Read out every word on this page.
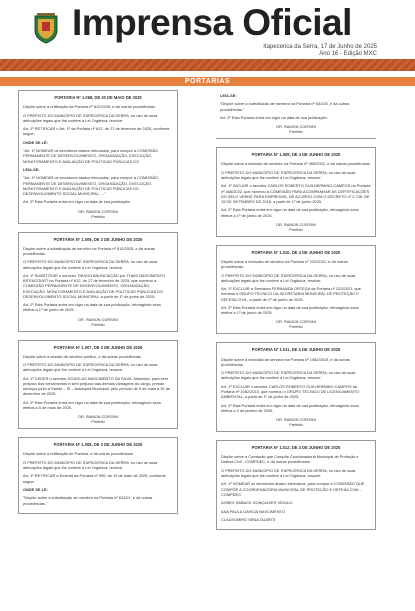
Imprensa Oficial
Itapecerica da Serra, 17 de Junho de 2025
Ano 16 - Edição MXC
PORTARIAS
PORTARIA Nº 1.068, DE 30 DE MAIO DE 2025
Dispõe sobre a retificação da Portaria nº 612/2025, e dá outras providências.
O PREFEITO DO MUNICÍPIO DE ITAPECERICA DA SERRA, no uso de suas atribuições legais que lhe confere a Lei Orgânica, resolve:
Art. 1º RETIFICAR o Art. 1º da Portaria nº 612, de 27 de fevereiro de 2025, conforme segue:
ONDE SE LÊ:
"Art. 1º NOMEAR os servidores abaixo elencados, para compor a COMISSÃO PERMANENTE DE DESENVOLVIMENTO, ORGANIZAÇÃO, EXECUÇÃO, MONITORAMENTO E AVALIAÇÃO DE POLÍTICAS PÚBLICAS DO
LEIA-SE:
"Art. 1º NOMEAR os servidores abaixo elencados, para compor a COMISSÃO PERMANENTE DE DESENVOLVIMENTO, ORGANIZAÇÃO, EXECUÇÃO, MONITORAMENTO E AVALIAÇÃO DE POLÍTICAS PÚBLICAS DO DESENVOLVIMENTO SOCIAL MUNICIPAL, ..."
Art. 2º Esta Portaria entra em vigor na data de sua publicação.
DR. RAMON CORSINI
Prefeito
PORTARIA Nº 1.006, DE 3 DE JUNHO DE 2025
Dispõe sobre a substituição de servidor na Portaria nº 612/2025, e dá outras providências.
O PREFEITO DO MUNICÍPIO DE ITAPECERICA DA SERRA, no uso de suas atribuições legais que lhe confere a Lei Orgânica, resolve:
Art. 1º SUBSTITUIR o servidor THIAGO ANUNCIAÇÃO por THAIS NASCIMENTO BITENCOURT na Portaria nº 612, de 27 de fevereiro de 2025, que nomeou a COMISSÃO PERMANENTE DE DESENVOLVIMENTO, ORGANIZAÇÃO, EXECUÇÃO, MONITORAMENTO E AVALIAÇÃO DE POLÍTICAS PÚBLICAS DO DESENVOLVIMENTO SOCIAL MUNICIPAL, a partir de 1º de junho de 2025.
Art. 2º Esta Portaria entra em vigor na data de sua publicação, retroagindo seus efeitos a 1º de junho de 2025.
DR. RAMON CORSINI
Prefeito
PORTARIA Nº 1.007, DE 3 DE JUNHO DE 2025
Dispõe sobre a cessão de servidor público, e dá outras providências.
O PREFEITO DO MUNICÍPIO DE ITAPECERICA DA SERRA, no uso de suas atribuições legais que lhe confere a Lei Orgânica, resolve:
Art. 1º CEDER o servidor DOUGLAS NASCIMENTO DA SILVA, Motorista, para sem prejuízo dos vencimentos e sem prejuízo das demais vantagens do cargo, prestar serviços junto à Saúde – IS – Autarquia Municipal, pelo período de 5 de maio a 31 de dezembro de 2025.
Art. 2º Esta Portaria entra em vigor na data de sua publicação, retroagindo seus efeitos a 5 de maio de 2025.
DR. RAMON CORSINI
Prefeito
PORTARIA Nº 1.008, DE 3 DE JUNHO DE 2025
Dispõe sobre a retificação de Portaria, e dá outras providências.
O PREFEITO DO MUNICÍPIO DE ITAPECERICA DA SERRA, no uso de suas atribuições legais que lhe confere a Lei Orgânica, resolve:
Art. 1º RETIFICAR a Ementa da Portaria nº 990, de 19 de maio de 2025, conforme segue:
ONDE SE LÊ:
"Dispõe sobre a substituição de membro na Portaria nº 631/21, e dá outras providências."
LEIA-SE:
"Dispõe sobre a substituição de membro na Portaria nº 631/25, e dá outras providências."
Art. 2º Esta Portaria entra em vigor na data de sua publicação.
DR. RAMON CORSINI
Prefeito
PORTARIA Nº 1.009, DE 4 DE JUNHO DE 2025
Dispõe sobre a inclusão de servidor na Portaria nº 465/2022, e dá outras providências.
O PREFEITO DO MUNICÍPIO DE ITAPECERICA DA SERRA, no uso de suas atribuições legais que lhe confere a Lei Orgânica, resolve:
Art. 1º INCLUIR o servidor CARLOS ROBERTO GUILHERMINO CAMPOS na Portaria nº 465/2022, que nomeou a COMISSÃO PARA ACOMPANHAR AS CERTIFICAÇÕES DO SELO VERDE PARA EMPRESAS, DE ACORDO COM O DECRETO nº 2.736, DE 19 DE SETEMBRO DE 2018, a partir de 1º de junho 2025.
Art. 2º Esta Portaria entra em vigor na data de sua publicação, retroagindo seus efeitos a 1º de junho de 2025.
DR. RAMON CORSINI
Prefeito
PORTARIA Nº 1.010, DE 4 DE JUNHO DE 2025
Dispõe sobre a exclusão de servidor na Portaria nº 222/2021, e dá outras providências.
O PREFEITO DO MUNICÍPIO DE ITAPECERICA DA SERRA, no uso de suas atribuições legais que lhe confere a Lei Orgânica, resolve:
Art. 1º EXCLUIR a Servidora FERNANDA ORTEGA da Portaria nº 222/2021, que nomeou o GRUPO TÉCNICO DA SECRETARIA MUNICIPAL DE PROTEÇÃO E DEFESA CIVIL, a partir de 1º de junho de 2025.
Art. 2º Esta Portaria entra em vigor na data de sua publicação, retroagindo seus efeitos a 1º de junho de 2025.
DR. RAMON CORSINI
Prefeito
PORTARIA Nº 1.011, DE 4 DE JUNHO DE 2025
Dispõe sobre a exclusão de servidor na Portaria nº 1082/2015, e dá outras providências.
O PREFEITO DO MUNICÍPIO DE ITAPECERICA DA SERRA, no uso de suas atribuições legais que lhe confere a Lei Orgânica, resolve:
Art. 1º EXCLUIR o servidor CARLOS ROBERTO GUILHERMINO CAMPOS da Portaria nº 1082/2015, que nomeou o GRUPO TÉCNICO DE LICENCIAMENTO AMBIENTAL, a partir de 1º de junho de 2025.
Art. 2º Esta Portaria entra em vigor na data de sua publicação, retroagindo seus efeitos a 2 de janeiro de 2025.
DR. RAMON CORSINI
Prefeito
PORTARIA Nº 1.012, DE 4 DE JUNHO DE 2025
Dispõe sobre a Comissão que Compõe Coordenadoria Municipal de Proteção e Defesa Civil - COMPDEC, e dá outras providências.
O PREFEITO DO MUNICÍPIO DE ITAPECERICA DA SERRA, no uso de suas atribuições legais que lhe confere a Lei Orgânica, resolve:
Art. 1º NOMEAR os servidores abaixo elencados, para compor a COMISSÃO QUE COMPÕE A COORDENADORIA MUNICIPAL DE PROTEÇÃO E DEFESA CIVIL - COMPDEC:
AGNES SABACK GONÇALVES VIDULIC
ANA PAULA GARCIA NASCIMENTO
CLAUSOMIRO SENA DUARTE
